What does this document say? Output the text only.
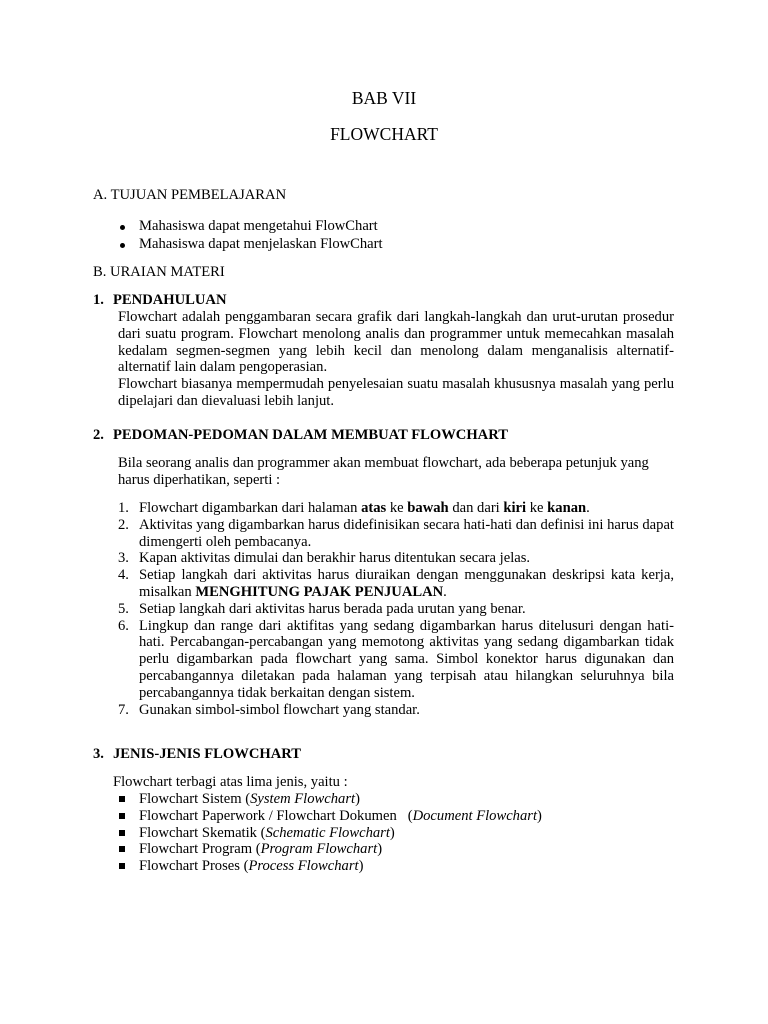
BAB VII
FLOWCHART
A. TUJUAN PEMBELAJARAN
Mahasiswa dapat mengetahui FlowChart
Mahasiswa dapat menjelaskan FlowChart
B. URAIAN MATERI
1. PENDAHULUAN
Flowchart adalah penggambaran secara grafik dari langkah-langkah dan urut-urutan prosedur dari suatu program. Flowchart menolong analis dan programmer untuk memecahkan masalah kedalam segmen-segmen yang lebih kecil dan menolong dalam menganalisis alternatif-alternatif lain dalam pengoperasian.
Flowchart biasanya mempermudah penyelesaian suatu masalah khususnya masalah yang perlu dipelajari dan dievaluasi lebih lanjut.
2. PEDOMAN-PEDOMAN DALAM MEMBUAT FLOWCHART
Bila seorang analis dan programmer akan membuat flowchart, ada beberapa petunjuk yang harus diperhatikan, seperti :
1. Flowchart digambarkan dari halaman atas ke bawah dan dari kiri ke kanan.
2. Aktivitas yang digambarkan harus didefinisikan secara hati-hati dan definisi ini harus dapat dimengerti oleh pembacanya.
3. Kapan aktivitas dimulai dan berakhir harus ditentukan secara jelas.
4. Setiap langkah dari aktivitas harus diuraikan dengan menggunakan deskripsi kata kerja, misalkan MENGHITUNG PAJAK PENJUALAN.
5. Setiap langkah dari aktivitas harus berada pada urutan yang benar.
6. Lingkup dan range dari aktifitas yang sedang digambarkan harus ditelusuri dengan hati-hati. Percabangan-percabangan yang memotong aktivitas yang sedang digambarkan tidak perlu digambarkan pada flowchart yang sama. Simbol konektor harus digunakan dan percabangannya diletakan pada halaman yang terpisah atau hilangkan seluruhnya bila percabangannya tidak berkaitan dengan sistem.
7. Gunakan simbol-simbol flowchart yang standar.
3. JENIS-JENIS FLOWCHART
Flowchart terbagi atas lima jenis, yaitu :
Flowchart Sistem (System Flowchart)
Flowchart Paperwork / Flowchart Dokumen   (Document Flowchart)
Flowchart Skematik (Schematic Flowchart)
Flowchart Program (Program Flowchart)
Flowchart Proses (Process Flowchart)
